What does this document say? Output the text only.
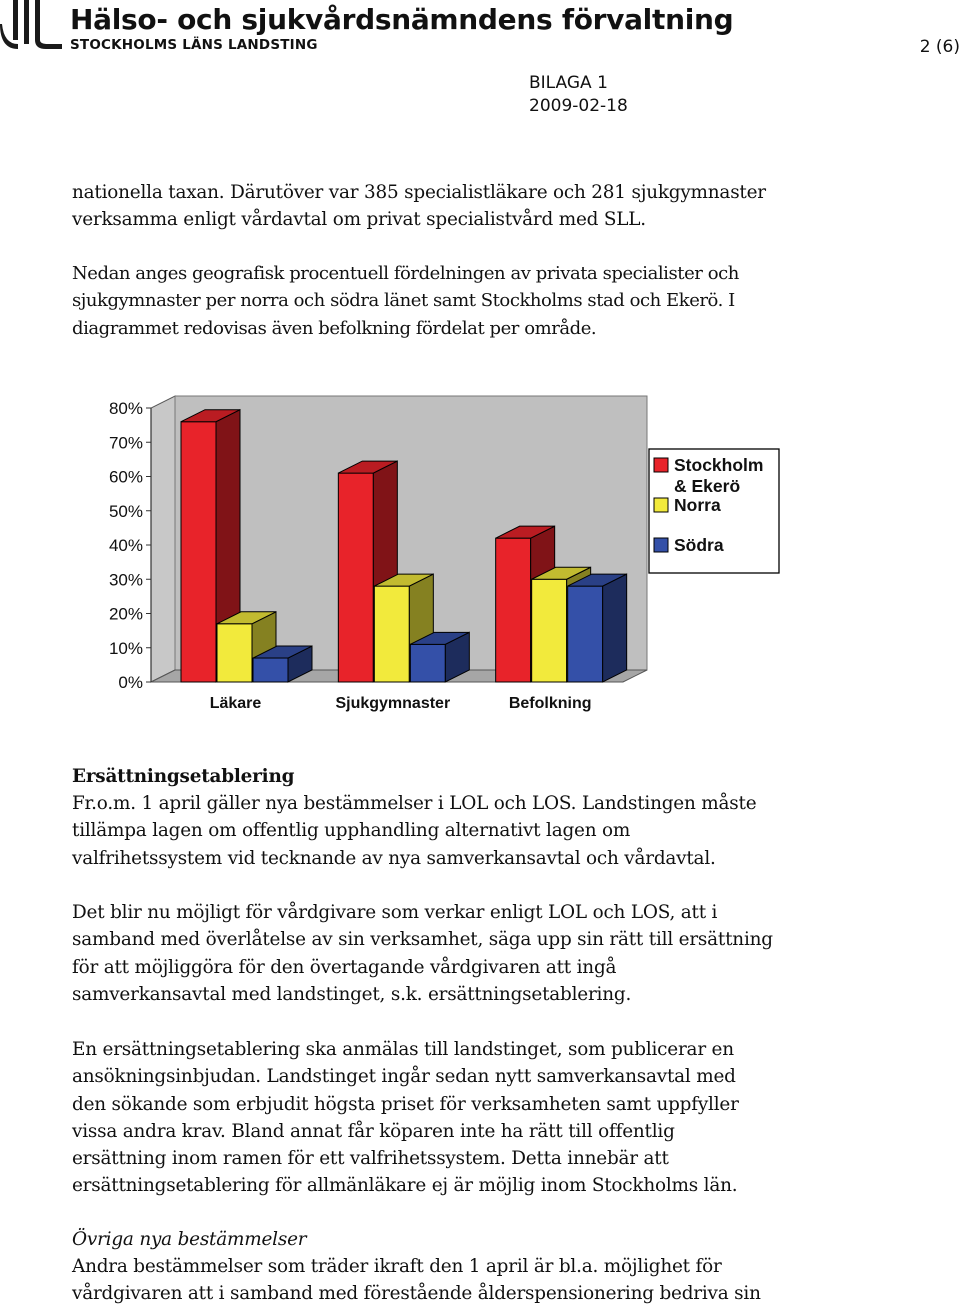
Hälso- och sjukvårdsnämndens förvaltning
STOCKHOLMS LÄNS LANDSTING	2 (6)
BILAGA 1
2009-02-18
nationella taxan. Därutöver var 385 specialistläkare och 281 sjukgymnaster
verksamma enligt vårdavtal om privat specialistvård med SLL.
Nedan anges geografisk procentuell fördelningen av privata specialister och
sjukgymnaster per norra och södra länet samt Stockholms stad och Ekerö. I
diagrammet redovisas även befolkning fördelat per område.
0%
10%
20%
30%
40%
50%
60%
70%
80%
Läkare	Sjukgymnaster	Befolkning
Stockholm & Ekerö
Norra
Södra
Ersättningsetablering
Fr.o.m. 1 april gäller nya bestämmelser i LOL och LOS. Landstingen måste
tillämpa lagen om offentlig upphandling alternativt lagen om
valfrihetssystem vid tecknande av nya samverkansavtal och vårdavtal.
Det blir nu möjligt för vårdgivare som verkar enligt LOL och LOS, att i
samband med överlåtelse av sin verksamhet, säga upp sin rätt till ersättning
för att möjliggöra för den övertagande vårdgivaren att ingå
samverkansavtal med landstinget, s.k. ersättningsetablering.
En ersättningsetablering ska anmälas till landstinget, som publicerar en
ansökningsinbjudan. Landstinget ingår sedan nytt samverkansavtal med
den sökande som erbjudit högsta priset för verksamheten samt uppfyller
vissa andra krav. Bland annat får köparen inte ha rätt till offentlig
ersättning inom ramen för ett valfrihetssystem. Detta innebär att
ersättningsetablering för allmänläkare ej är möjlig inom Stockholms län.
Övriga nya bestämmelser
Andra bestämmelser som träder ikraft den 1 april är bl.a. möjlighet för
vårdgivaren att i samband med förestående ålderspensionering bedriva sin
